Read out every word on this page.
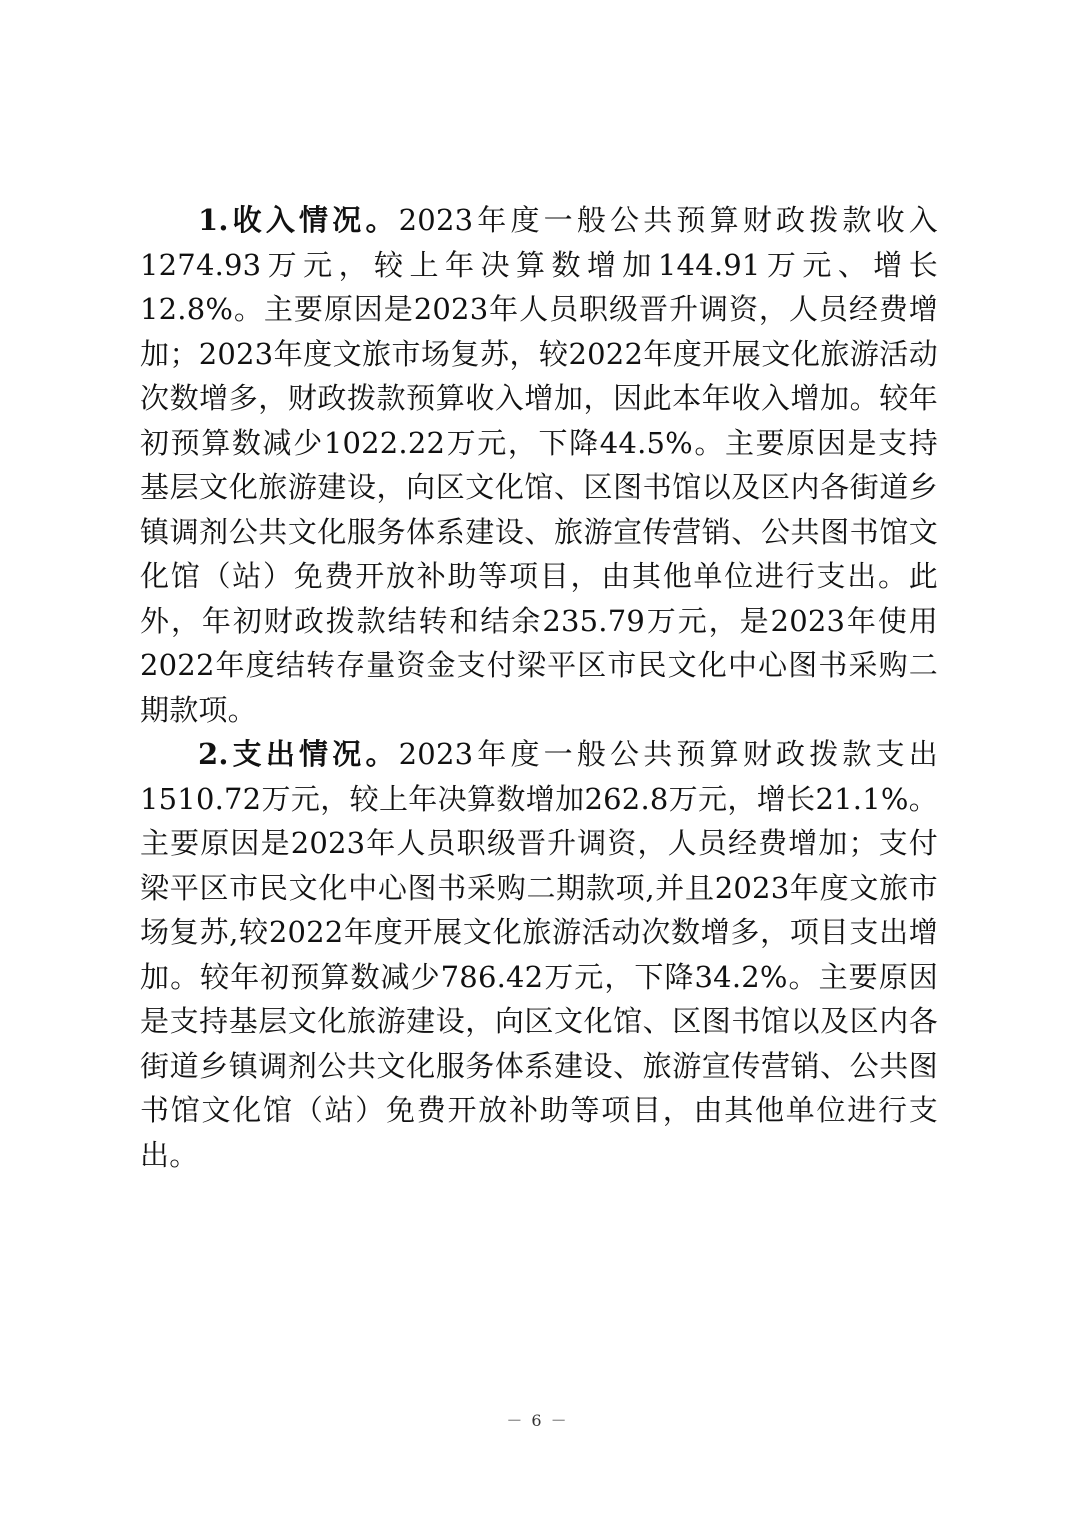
1.收入情况。2023年度一般公共预算财政拨款收入1274.93万元，较上年决算数增加144.91万元、增长12.8%。主要原因是2023年人员职级晋升调资，人员经费增加；2023年度文旅市场复苏，较2022年度开展文化旅游活动次数增多，财政拨款预算收入增加，因此本年收入增加。较年初预算数减少1022.22万元，下降44.5%。主要原因是支持基层文化旅游建设，向区文化馆、区图书馆以及区内各街道乡镇调剂公共文化服务体系建设、旅游宣传营销、公共图书馆文化馆（站）免费开放补助等项目，由其他单位进行支出。此外，年初财政拨款结转和结余235.79万元，是2023年使用2022年度结转存量资金支付梁平区市民文化中心图书采购二期款项。

2.支出情况。2023年度一般公共预算财政拨款支出1510.72万元，较上年决算数增加262.8万元，增长21.1%。主要原因是2023年人员职级晋升调资，人员经费增加；支付梁平区市民文化中心图书采购二期款项,并且2023年度文旅市场复苏,较2022年度开展文化旅游活动次数增多，项目支出增加。较年初预算数减少786.42万元，下降34.2%。主要原因是支持基层文化旅游建设，向区文化馆、区图书馆以及区内各街道乡镇调剂公共文化服务体系建设、旅游宣传营销、公共图书馆文化馆（站）免费开放补助等项目，由其他单位进行支出。

－ 6 －
